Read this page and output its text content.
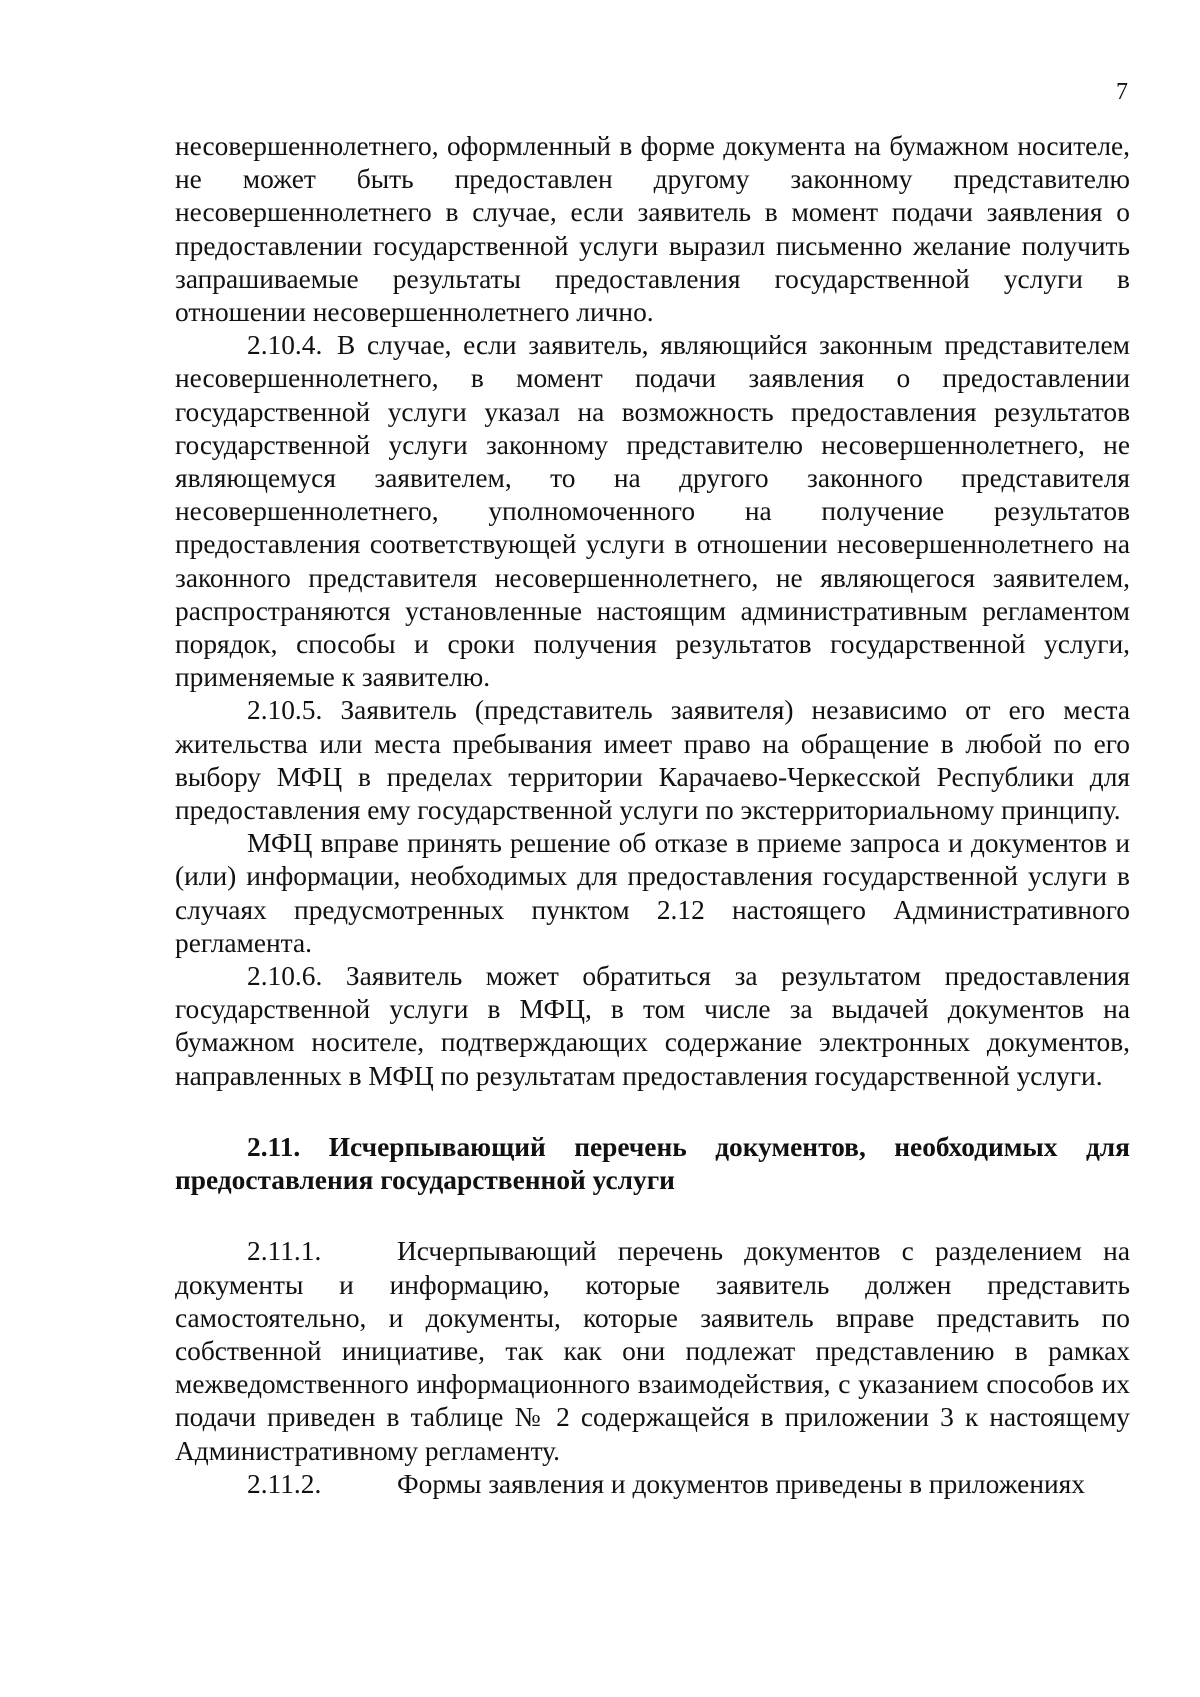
7

несовершеннолетнего, оформленный в форме документа на бумажном носителе, не может быть предоставлен другому законному представителю несовершеннолетнего в случае, если заявитель в момент подачи заявления о предоставлении государственной услуги выразил письменно желание получить запрашиваемые результаты предоставления государственной услуги в отношении несовершеннолетнего лично.

2.10.4. В случае, если заявитель, являющийся законным представителем несовершеннолетнего, в момент подачи заявления о предоставлении государственной услуги указал на возможность предоставления результатов государственной услуги законному представителю несовершеннолетнего, не являющемуся заявителем, то на другого законного представителя несовершеннолетнего, уполномоченного на получение результатов предоставления соответствующей услуги в отношении несовершеннолетнего на законного представителя несовершеннолетнего, не являющегося заявителем, распространяются установленные настоящим административным регламентом порядок, способы и сроки получения результатов государственной услуги, применяемые к заявителю.

2.10.5. Заявитель (представитель заявителя) независимо от его места жительства или места пребывания имеет право на обращение в любой по его выбору МФЦ в пределах территории Карачаево-Черкесской Республики для предоставления ему государственной услуги по экстерриториальному принципу.

МФЦ вправе принять решение об отказе в приеме запроса и документов и (или) информации, необходимых для предоставления государственной услуги в случаях предусмотренных пунктом 2.12 настоящего Административного регламента.

2.10.6. Заявитель может обратиться за результатом предоставления государственной услуги в МФЦ, в том числе за выдачей документов на бумажном носителе, подтверждающих содержание электронных документов, направленных в МФЦ по результатам предоставления государственной услуги.

2.11. Исчерпывающий перечень документов, необходимых для предоставления государственной услуги

2.11.1.	Исчерпывающий перечень документов с разделением на документы и информацию, которые заявитель должен представить самостоятельно, и документы, которые заявитель вправе представить по собственной инициативе, так как они подлежат представлению в рамках межведомственного информационного взаимодействия, с указанием способов их подачи приведен в таблице № 2 содержащейся в приложении 3 к настоящему Административному регламенту.

2.11.2.	Формы заявления и документов приведены в приложениях
